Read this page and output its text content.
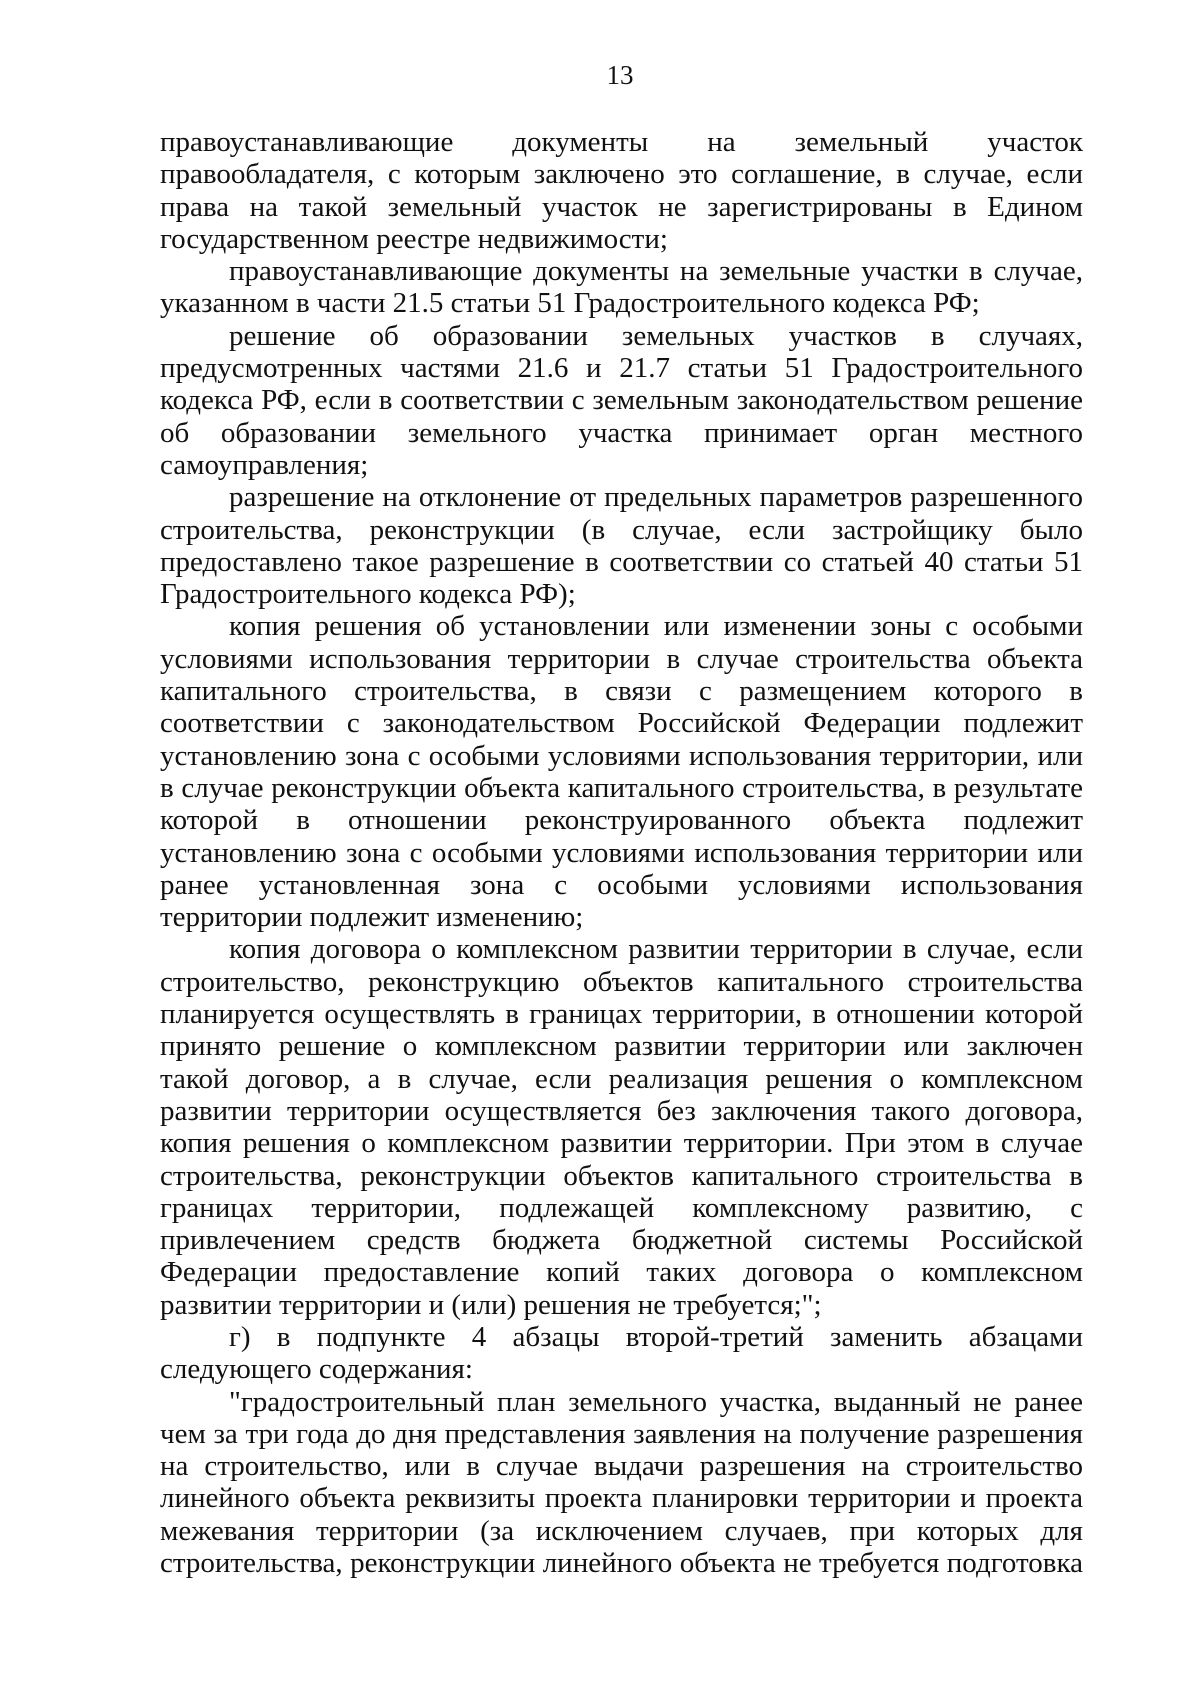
13

правоустанавливающие документы на земельный участок правообладателя, с которым заключено это соглашение, в случае, если права на такой земельный участок не зарегистрированы в Едином государственном реестре недвижимости;

правоустанавливающие документы на земельные участки в случае, указанном в части 21.5 статьи 51 Градостроительного кодекса РФ;

решение об образовании земельных участков в случаях, предусмотренных частями 21.6 и 21.7 статьи 51 Градостроительного кодекса РФ, если в соответствии с земельным законодательством решение об образовании земельного участка принимает орган местного самоуправления;

разрешение на отклонение от предельных параметров разрешенного строительства, реконструкции (в случае, если застройщику было предоставлено такое разрешение в соответствии со статьей 40 статьи 51 Градостроительного кодекса РФ);

копия решения об установлении или изменении зоны с особыми условиями использования территории в случае строительства объекта капитального строительства, в связи с размещением которого в соответствии с законодательством Российской Федерации подлежит установлению зона с особыми условиями использования территории, или в случае реконструкции объекта капитального строительства, в результате которой в отношении реконструированного объекта подлежит установлению зона с особыми условиями использования территории или ранее установленная зона с особыми условиями использования территории подлежит изменению;

копия договора о комплексном развитии территории в случае, если строительство, реконструкцию объектов капитального строительства планируется осуществлять в границах территории, в отношении которой принято решение о комплексном развитии территории или заключен такой договор, а в случае, если реализация решения о комплексном развитии территории осуществляется без заключения такого договора, копия решения о комплексном развитии территории. При этом в случае строительства, реконструкции объектов капитального строительства в границах территории, подлежащей комплексному развитию, с привлечением средств бюджета бюджетной системы Российской Федерации предоставление копий таких договора о комплексном развитии территории и (или) решения не требуется;";

г) в подпункте 4 абзацы второй-третий заменить абзацами следующего содержания:

"градостроительный план земельного участка, выданный не ранее чем за три года до дня представления заявления на получение разрешения на строительство, или в случае выдачи разрешения на строительство линейного объекта реквизиты проекта планировки территории и проекта межевания территории (за исключением случаев, при которых для строительства, реконструкции линейного объекта не требуется подготовка
